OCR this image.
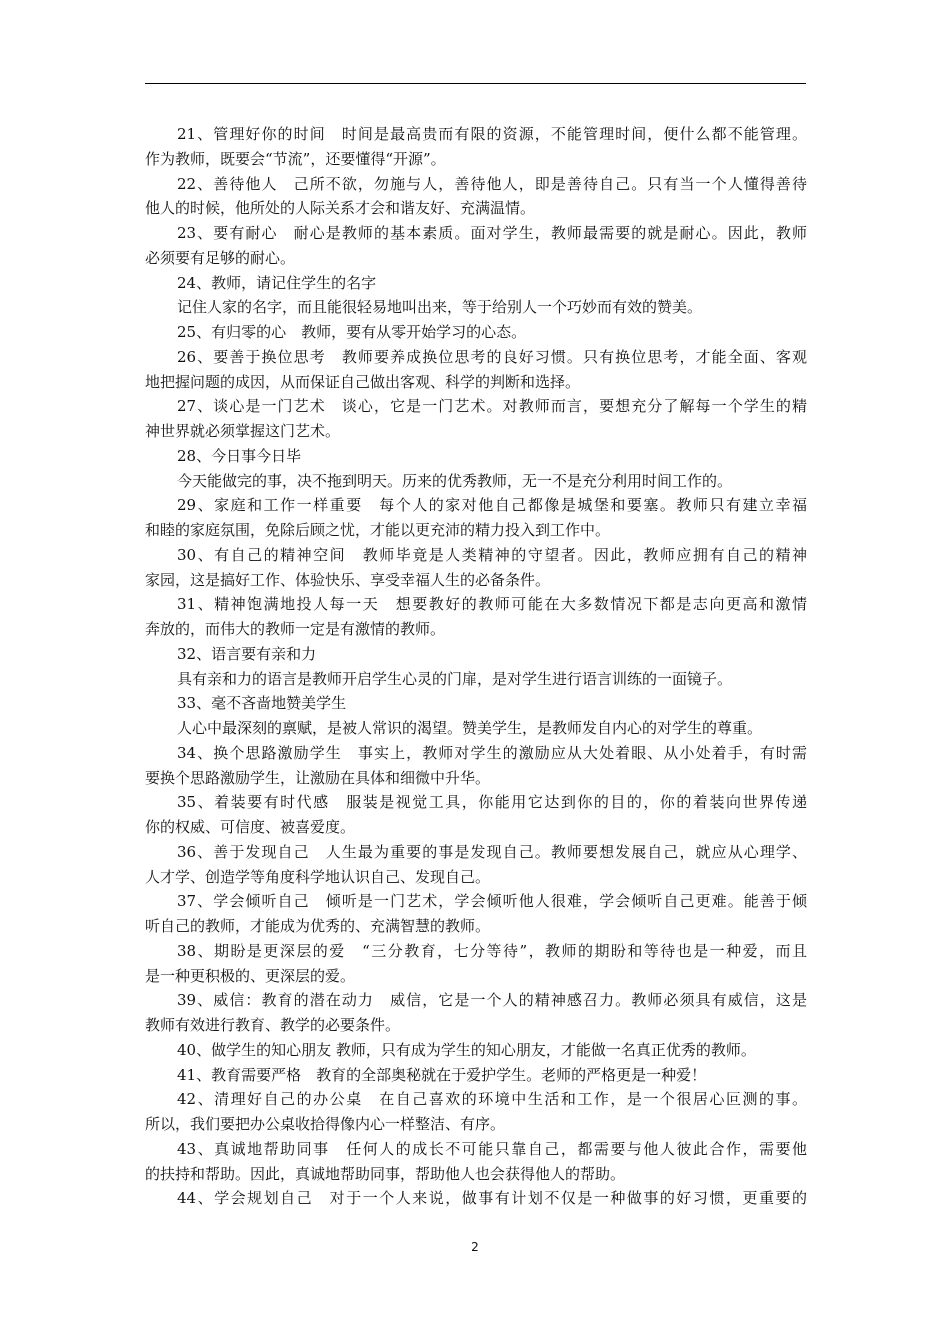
21、管理好你的时间　时间是最高贵而有限的资源，不能管理时间，便什么都不能管理。
作为教师，既要会“节流”，还要懂得“开源”。
22、善待他人　己所不欲，勿施与人，善待他人，即是善待自己。只有当一个人懂得善待
他人的时候，他所处的人际关系才会和谐友好、充满温情。
23、要有耐心　耐心是教师的基本素质。面对学生，教师最需要的就是耐心。因此，教师
必须要有足够的耐心。
24、教师，请记住学生的名字
记住人家的名字，而且能很轻易地叫出来，等于给别人一个巧妙而有效的赞美。
25、有归零的心　教师，要有从零开始学习的心态。
26、要善于换位思考　教师要养成换位思考的良好习惯。只有换位思考，才能全面、客观
地把握问题的成因，从而保证自己做出客观、科学的判断和选择。
27、谈心是一门艺术　谈心，它是一门艺术。对教师而言，要想充分了解每一个学生的精
神世界就必须掌握这门艺术。
28、今日事今日毕
今天能做完的事，决不拖到明天。历来的优秀教师，无一不是充分利用时间工作的。
29、家庭和工作一样重要　每个人的家对他自己都像是城堡和要塞。教师只有建立幸福
和睦的家庭氛围，免除后顾之忧，才能以更充沛的精力投入到工作中。
30、有自己的精神空间　教师毕竟是人类精神的守望者。因此，教师应拥有自己的精神
家园，这是搞好工作、体验快乐、享受幸福人生的必备条件。
31、精神饱满地投人每一天　想要教好的教师可能在大多数情况下都是志向更高和激情
奔放的，而伟大的教师一定是有激情的教师。
32、语言要有亲和力
具有亲和力的语言是教师开启学生心灵的门扉，是对学生进行语言训练的一面镜子。
33、毫不吝啬地赞美学生
人心中最深刻的禀赋，是被人常识的渴望。赞美学生，是教师发自内心的对学生的尊重。
34、换个思路激励学生　事实上，教师对学生的激励应从大处着眼、从小处着手，有时需
要换个思路激励学生，让激励在具体和细微中升华。
35、着装要有时代感　服装是视觉工具，你能用它达到你的目的，你的着装向世界传递
你的权威、可信度、被喜爱度。
36、善于发现自己　人生最为重要的事是发现自己。教师要想发展自己，就应从心理学、
人才学、创造学等角度科学地认识自己、发现自己。
37、学会倾听自己　倾听是一门艺术，学会倾听他人很难，学会倾听自己更难。能善于倾
听自己的教师，才能成为优秀的、充满智慧的教师。
38、期盼是更深层的爱　“三分教育，七分等待”，教师的期盼和等待也是一种爱，而且
是一种更积极的、更深层的爱。
39、威信：教育的潜在动力　威信，它是一个人的精神感召力。教师必须具有威信，这是
教师有效进行教育、教学的必要条件。
40、做学生的知心朋友 教师，只有成为学生的知心朋友，才能做一名真正优秀的教师。
41、教育需要严格　教育的全部奥秘就在于爱护学生。老师的严格更是一种爱！
42、清理好自己的办公桌　在自己喜欢的环境中生活和工作，是一个很居心叵测的事。
所以，我们要把办公桌收拾得像内心一样整洁、有序。
43、真诚地帮助同事　任何人的成长不可能只靠自己，都需要与他人彼此合作，需要他
的扶持和帮助。因此，真诚地帮助同事，帮助他人也会获得他人的帮助。
44、学会规划自己　对于一个人来说，做事有计划不仅是一种做事的好习惯，更重要的
2
